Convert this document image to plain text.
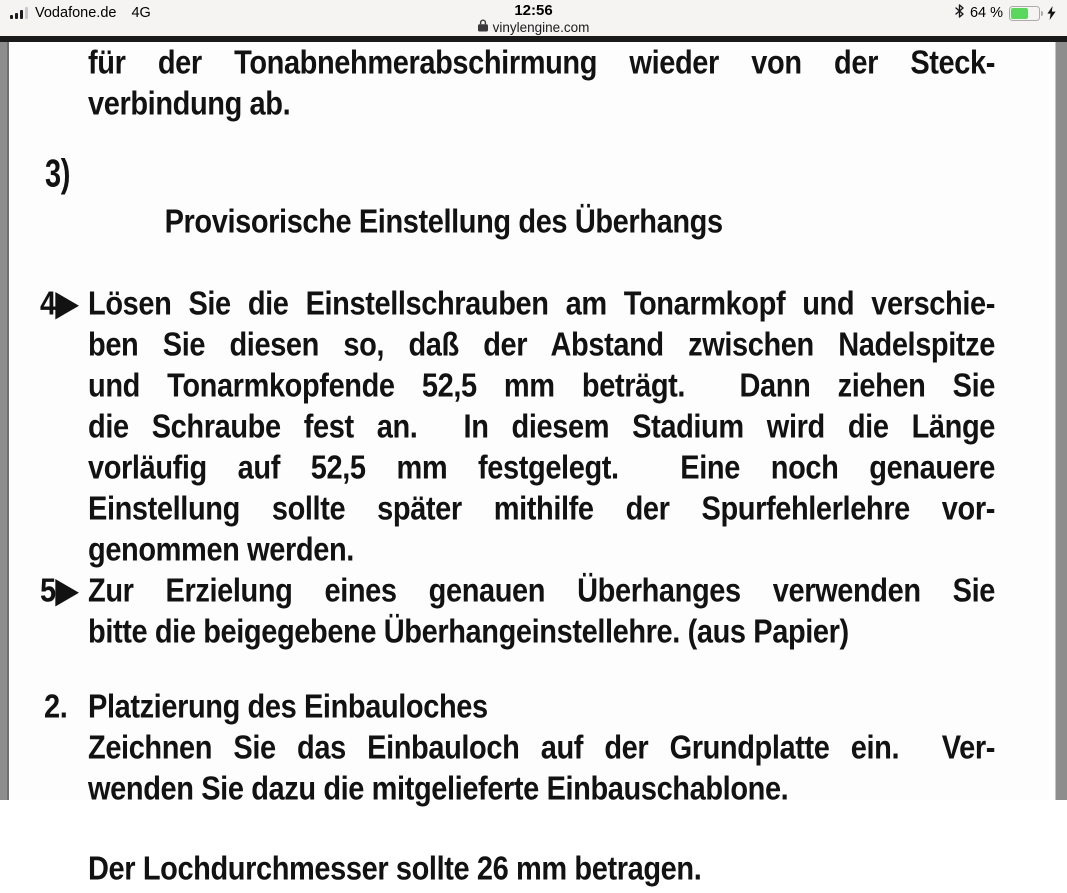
Vodafone.de 4G	12:56
vinylengine.com
64 %
für der Tonabnehmerabschirmung wieder von der Steck-
verbindung ab.

3)
Provisorische Einstellung des Überhangs

4▶ Lösen Sie die Einstellschrauben am Tonarmkopf und verschie-
ben Sie diesen so, daß der Abstand zwischen Nadelspitze
und Tonarmkopfende 52,5 mm beträgt.  Dann ziehen Sie
die Schraube fest an.  In diesem Stadium wird die Länge
vorläufig auf 52,5 mm festgelegt.  Eine noch genauere
Einstellung sollte später mithilfe der Spurfehlerlehre vor-
genommen werden.
5▶ Zur Erzielung eines genauen Überhanges verwenden Sie
bitte die beigegebene Überhangeinstellehre. (aus Papier)
2. Platzierung des Einbauloches
Zeichnen Sie das Einbauloch auf der Grundplatte ein.  Ver-
wenden Sie dazu die mitgelieferte Einbauschablone.
Der Lochdurchmesser sollte 26 mm betragen.
